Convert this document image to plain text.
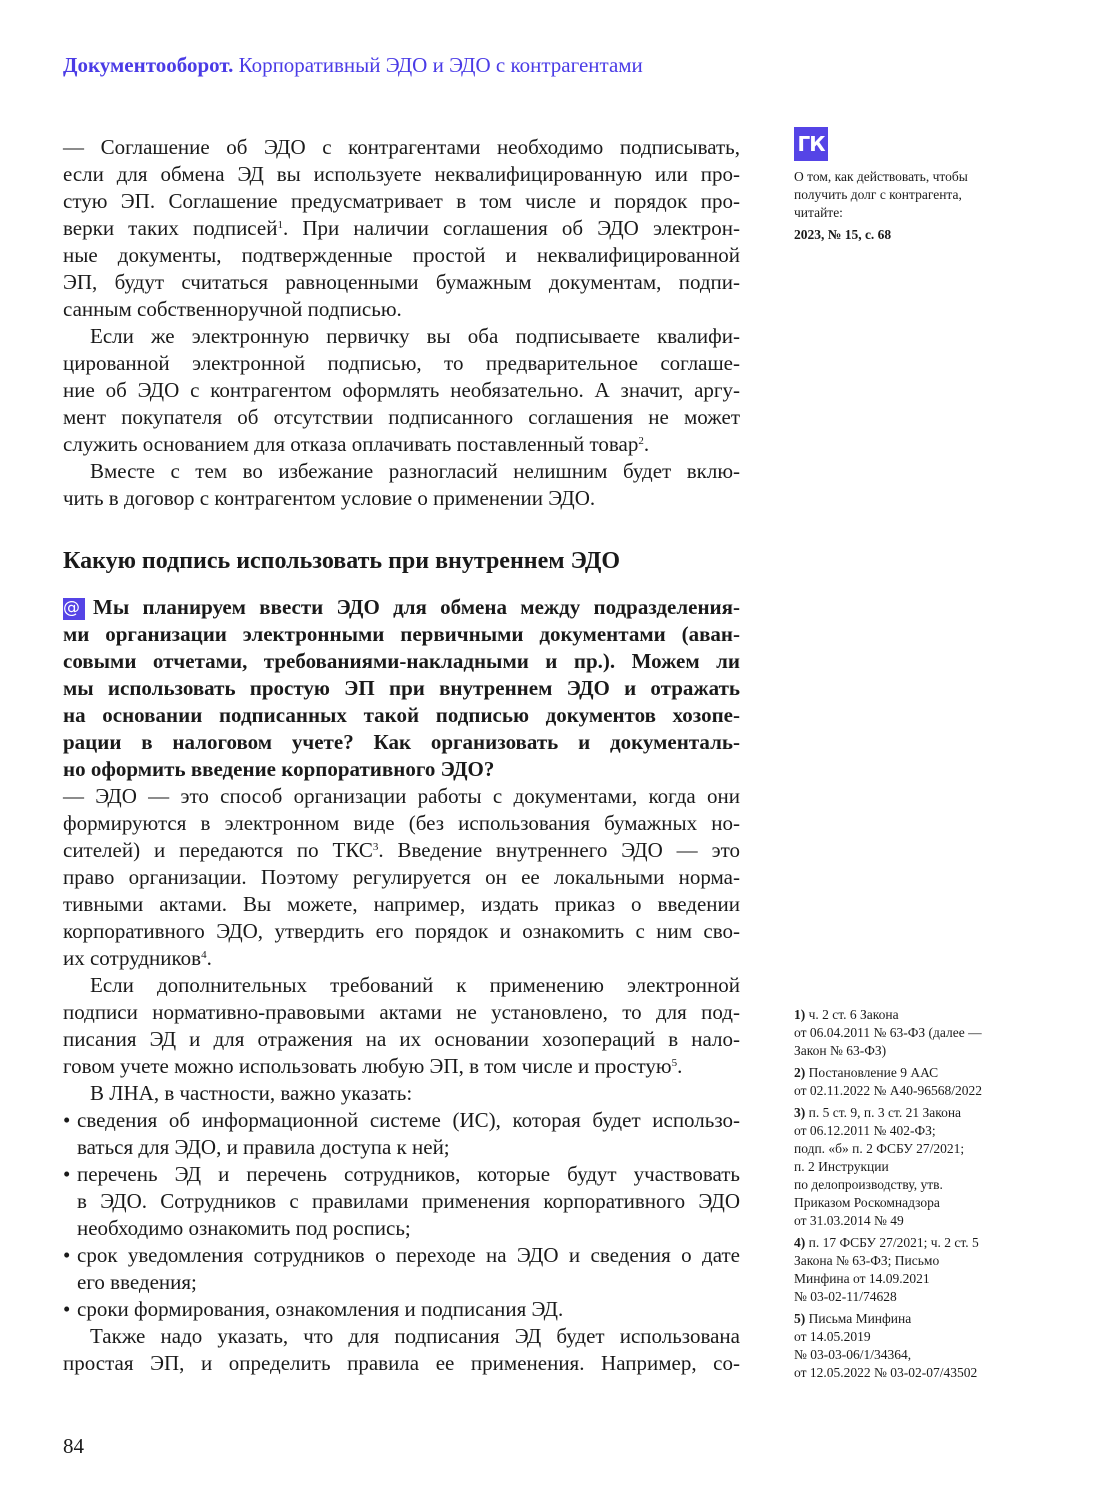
Документооборот. Корпоративный ЭДО и ЭДО с контрагентами
— Соглашение об ЭДО с контрагентами необходимо подписывать,
если для обмена ЭД вы используете неквалифицированную или про-
стую ЭП. Соглашение предусматривает в том числе и порядок про-
верки таких подписей$^1$. При наличии соглашения об ЭДО электрон-
ные документы, подтвержденные простой и неквалифицированной
ЭП, будут считаться равноценными бумажным документам, подпи-
санным собственноручной подписью.
Если же электронную первичку вы оба подписываете квалифи-
цированной электронной подписью, то предварительное соглаше-
ние об ЭДО с контрагентом оформлять необязательно. А значит, аргу-
мент покупателя об отсутствии подписанного соглашения не может
служить основанием для отказа оплачивать поставленный товар$^2$.
Вместе с тем во избежание разногласий нелишним будет вклю-
чить в договор с контрагентом условие о применении ЭДО.
Какую подпись использовать при внутреннем ЭДО
@ Мы планируем ввести ЭДО для обмена между подразделения-
ми организации электронными первичными документами (аван-
совыми отчетами, требованиями-накладными и пр.). Можем ли
мы использовать простую ЭП при внутреннем ЭДО и отражать
на основании подписанных такой подписью документов хозопе-
рации в налоговом учете? Как организовать и документаль-
но оформить введение корпоративного ЭДО?
— ЭДО — это способ организации работы с документами, когда они
формируются в электронном виде (без использования бумажных но-
сителей) и передаются по ТКС$^3$. Введение внутреннего ЭДО — это
право организации. Поэтому регулируется он ее локальными норма-
тивными актами. Вы можете, например, издать приказ о введении
корпоративного ЭДО, утвердить его порядок и ознакомить с ним сво-
их сотрудников$^4$.
Если дополнительных требований к применению электронной
подписи нормативно-правовыми актами не установлено, то для под-
писания ЭД и для отражения на их основании хозопераций в нало-
говом учете можно использовать любую ЭП, в том числе и простую$^5$.
В ЛНА, в частности, важно указать:
• сведения об информационной системе (ИС), которая будет использо-
ваться для ЭДО, и правила доступа к ней;
• перечень ЭД и перечень сотрудников, которые будут участвовать
в ЭДО. Сотрудников с правилами применения корпоративного ЭДО
необходимо ознакомить под роспись;
• срок уведомления сотрудников о переходе на ЭДО и сведения о дате
его введения;
• сроки формирования, ознакомления и подписания ЭД.
Также надо указать, что для подписания ЭД будет использована
простая ЭП, и определить правила ее применения. Например, со-
ГК
О том, как действовать, чтобы
получить долг с контрагента,
читайте:
2023, № 15, с. 68
1) ч. 2 ст. 6 Закона
от 06.04.2011 № 63-ФЗ (далее —
Закон № 63-ФЗ)
2) Постановление 9 ААС
от 02.11.2022 № А40-96568/2022
3) п. 5 ст. 9, п. 3 ст. 21 Закона
от 06.12.2011 № 402-ФЗ;
подп. «б» п. 2 ФСБУ 27/2021;
п. 2 Инструкции
по делопроизводству, утв.
Приказом Роскомнадзора
от 31.03.2014 № 49
4) п. 17 ФСБУ 27/2021; ч. 2 ст. 5
Закона № 63-ФЗ; Письмо
Минфина от 14.09.2021
№ 03-02-11/74628
5) Письма Минфина
от 14.05.2019
№ 03-03-06/1/34364,
от 12.05.2022 № 03-02-07/43502
84
